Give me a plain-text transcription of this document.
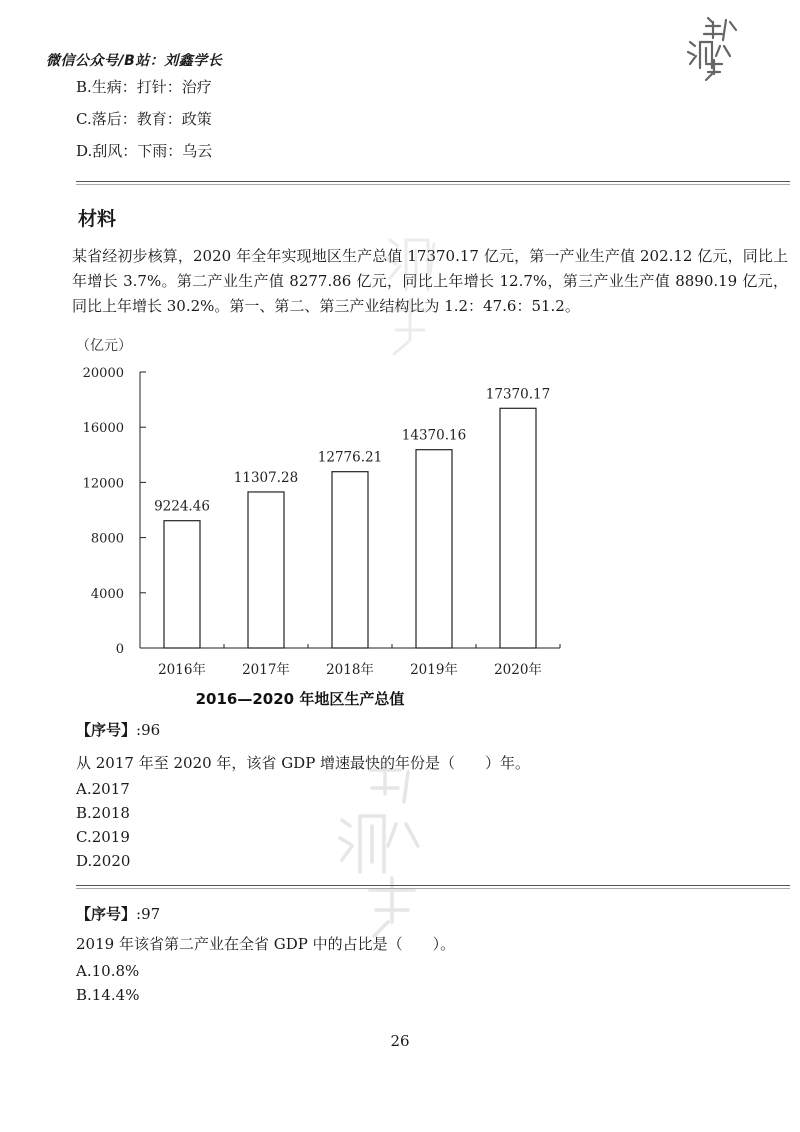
微信公众号/B站：刘鑫学长
B.生病：打针：治疗
C.落后：教育：政策
D.刮风：下雨：乌云
材料
某省经初步核算，2020 年全年实现地区生产总值 17370.17 亿元，第一产业生产值 202.12 亿元，同比上年增长 3.7%。第二产业生产值 8277.86 亿元，同比上年增长 12.7%，第三产业生产值 8890.19 亿元，同比上年增长 30.2%。第一、第二、第三产业结构比为 1.2：47.6：51.2。
（亿元）
0
4000
8000
12000
16000
20000
9224.46
11307.28
12776.21
14370.16
17370.17
2016年	2017年	2018年	2019年	2020年
2016—2020 年地区生产总值
【序号】:96
从 2017 年至 2020 年，该省 GDP 增速最快的年份是（　　）年。
A.2017
B.2018
C.2019
D.2020
【序号】:97
2019 年该省第二产业在全省 GDP 中的占比是（　　）。
A.10.8%
B.14.4%
26
